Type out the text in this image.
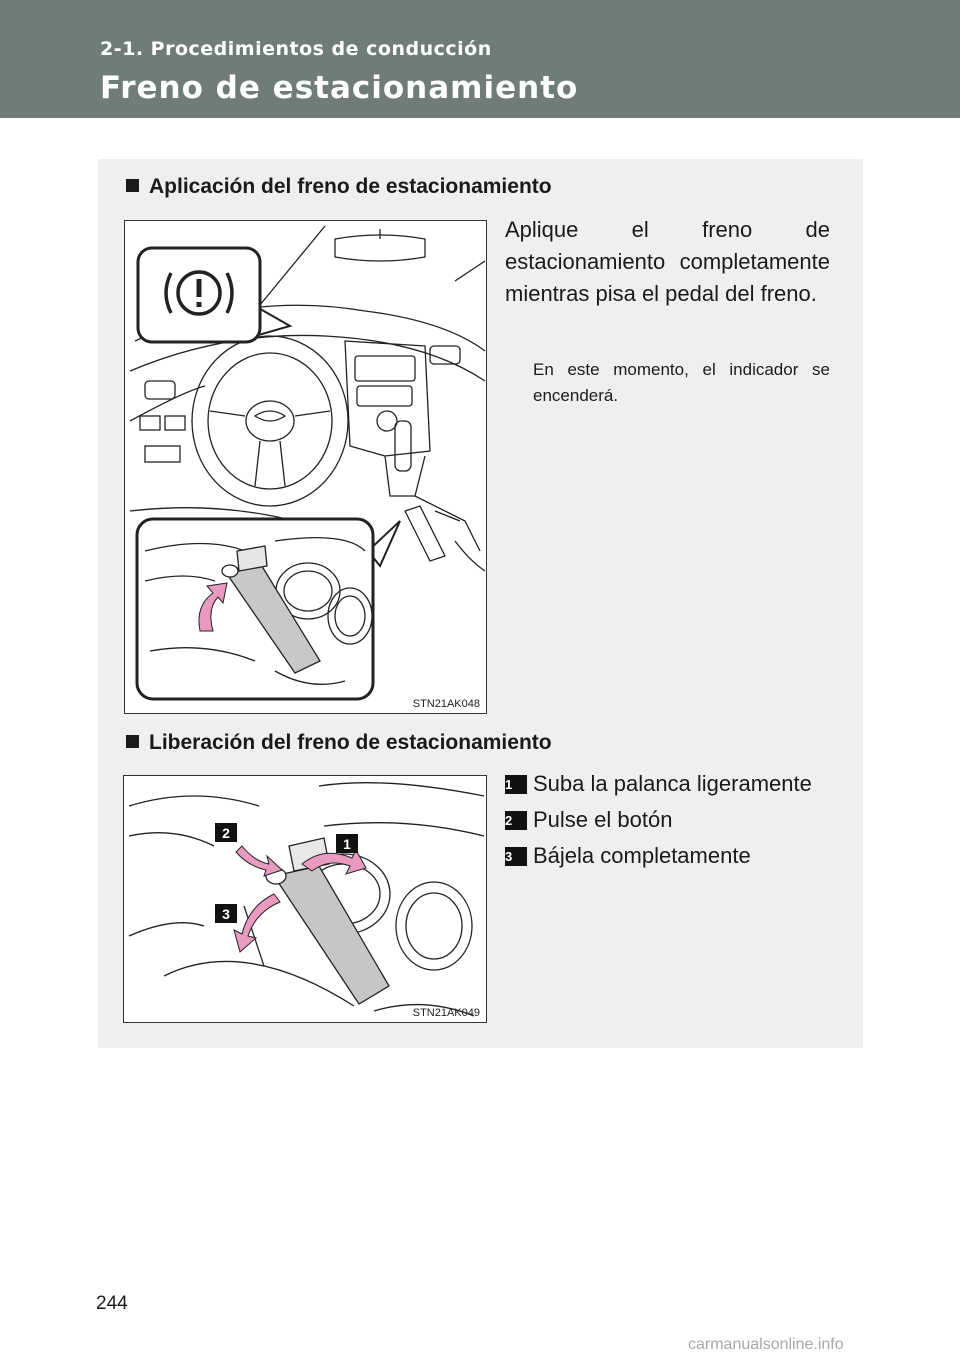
2-1. Procedimientos de conducción
Freno de estacionamiento
Aplicación del freno de estacionamiento
STN21AK048
Aplique el freno de
estacionamiento completamente mientras pisa el pedal del freno.
En este momento, el indicador se encenderá.
Liberación del freno de estacionamiento
1
2
3
STN21AK049
1 Suba la palanca ligeramente
2 Pulse el botón
3 Bájela completamente
244
carmanualsonline.info
